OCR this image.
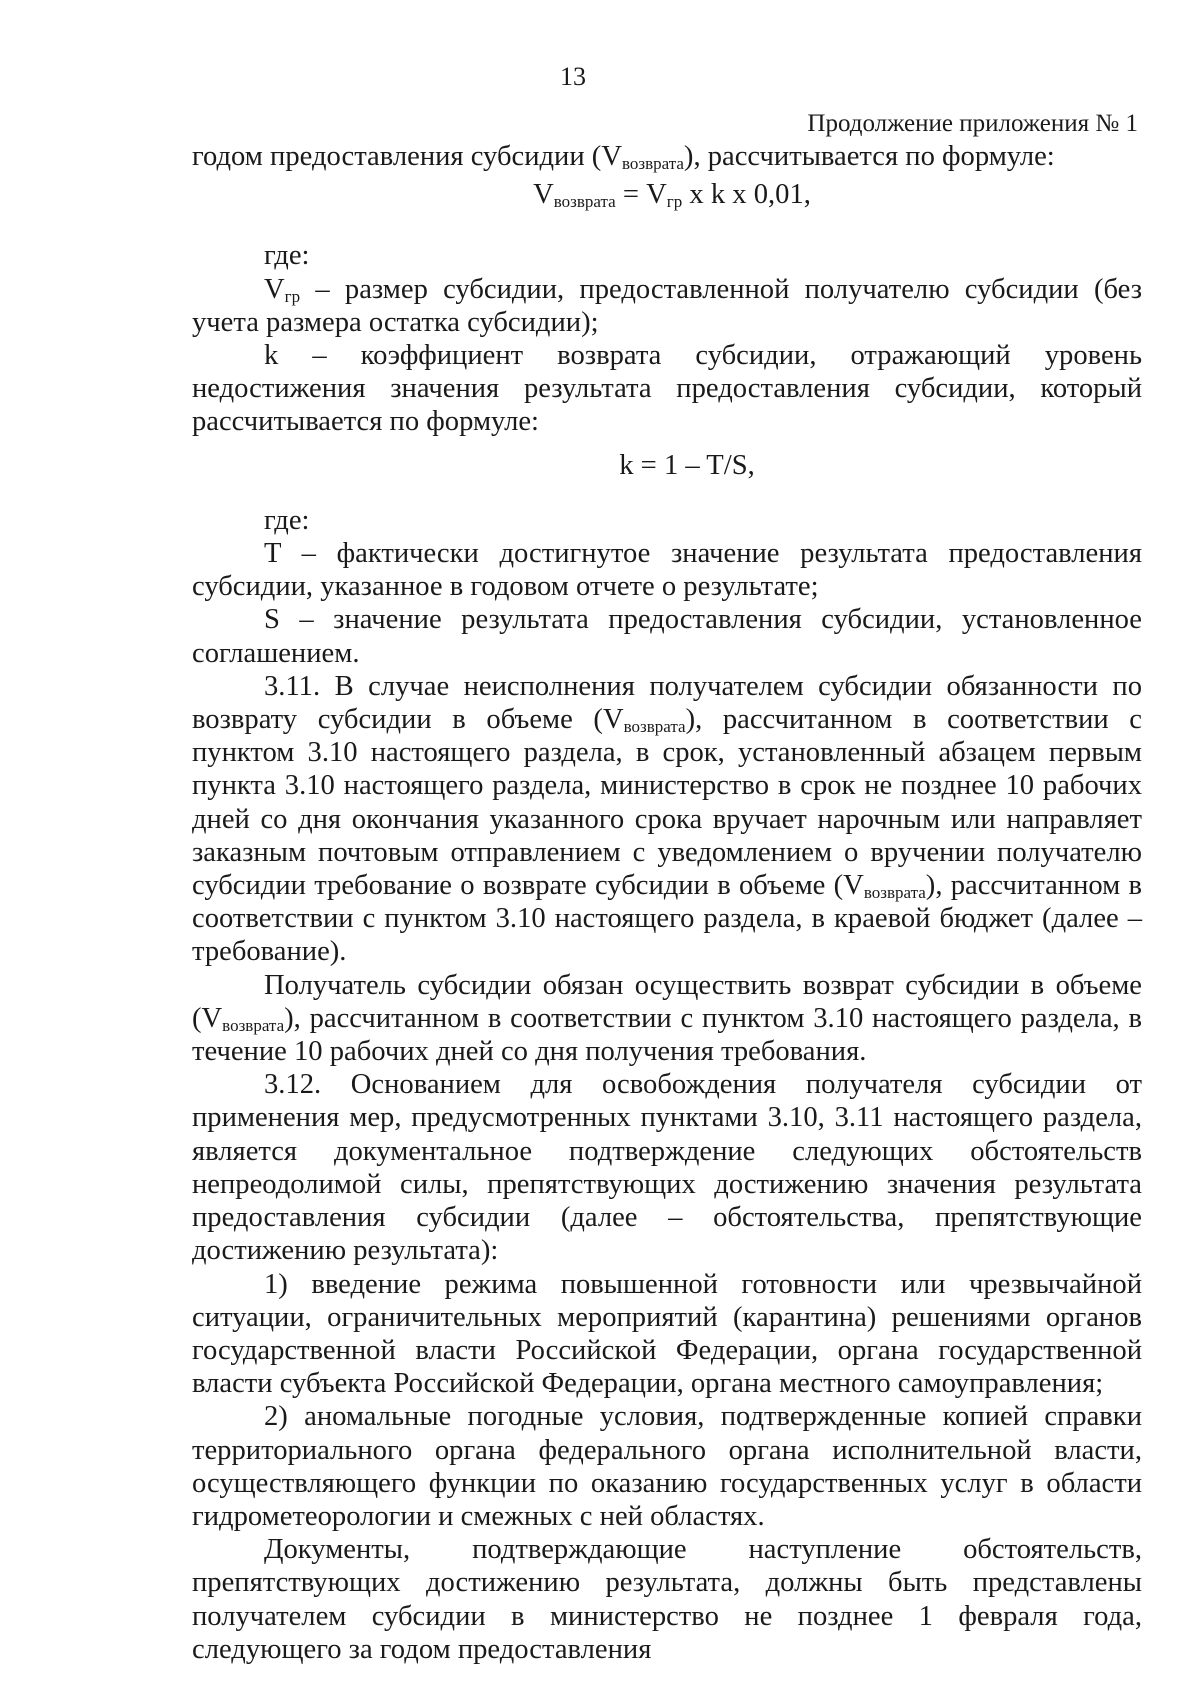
13
Продолжение приложения № 1

годом предоставления субсидии $(V_{возврата})$, рассчитывается по формуле:

$V_{возврата} = V_{гр}$ x k x 0,01,

где:

$V_{гр}$ – размер субсидии, предоставленной получателю субсидии (без учета размера остатка субсидии);

k – коэффициент возврата субсидии, отражающий уровень недостижения значения результата предоставления субсидии, который рассчитывается по формуле:

k = 1 – T/S,

где:

T – фактически достигнутое значение результата предоставления субсидии, указанное в годовом отчете о результате;

S – значение результата предоставления субсидии, установленное соглашением.

3.11. В случае неисполнения получателем субсидии обязанности по возврату субсидии в объеме $(V_{возврата})$, рассчитанном в соответствии с пунктом 3.10 настоящего раздела, в срок, установленный абзацем первым пункта 3.10 настоящего раздела, министерство в срок не позднее 10 рабочих дней со дня окончания указанного срока вручает нарочным или направляет заказным почтовым отправлением с уведомлением о вручении получателю субсидии требование о возврате субсидии в объеме $(V_{возврата})$, рассчитанном в соответствии с пунктом 3.10 настоящего раздела, в краевой бюджет (далее – требование).

Получатель субсидии обязан осуществить возврат субсидии в объеме $(V_{возврата})$, рассчитанном в соответствии с пунктом 3.10 настоящего раздела, в течение 10 рабочих дней со дня получения требования.

3.12. Основанием для освобождения получателя субсидии от применения мер, предусмотренных пунктами 3.10, 3.11 настоящего раздела, является документальное подтверждение следующих обстоятельств непреодолимой силы, препятствующих достижению значения результата предоставления субсидии (далее – обстоятельства, препятствующие достижению результата):

1) введение режима повышенной готовности или чрезвычайной ситуации, ограничительных мероприятий (карантина) решениями органов государственной власти Российской Федерации, органа государственной власти субъекта Российской Федерации, органа местного самоуправления;

2) аномальные погодные условия, подтвержденные копией справки территориального органа федерального органа исполнительной власти, осуществляющего функции по оказанию государственных услуг в области гидрометеорологии и смежных с ней областях.

Документы, подтверждающие наступление обстоятельств, препятствующих достижению результата, должны быть представлены получателем субсидии в министерство не позднее 1 февраля года, следующего за годом предоставления
